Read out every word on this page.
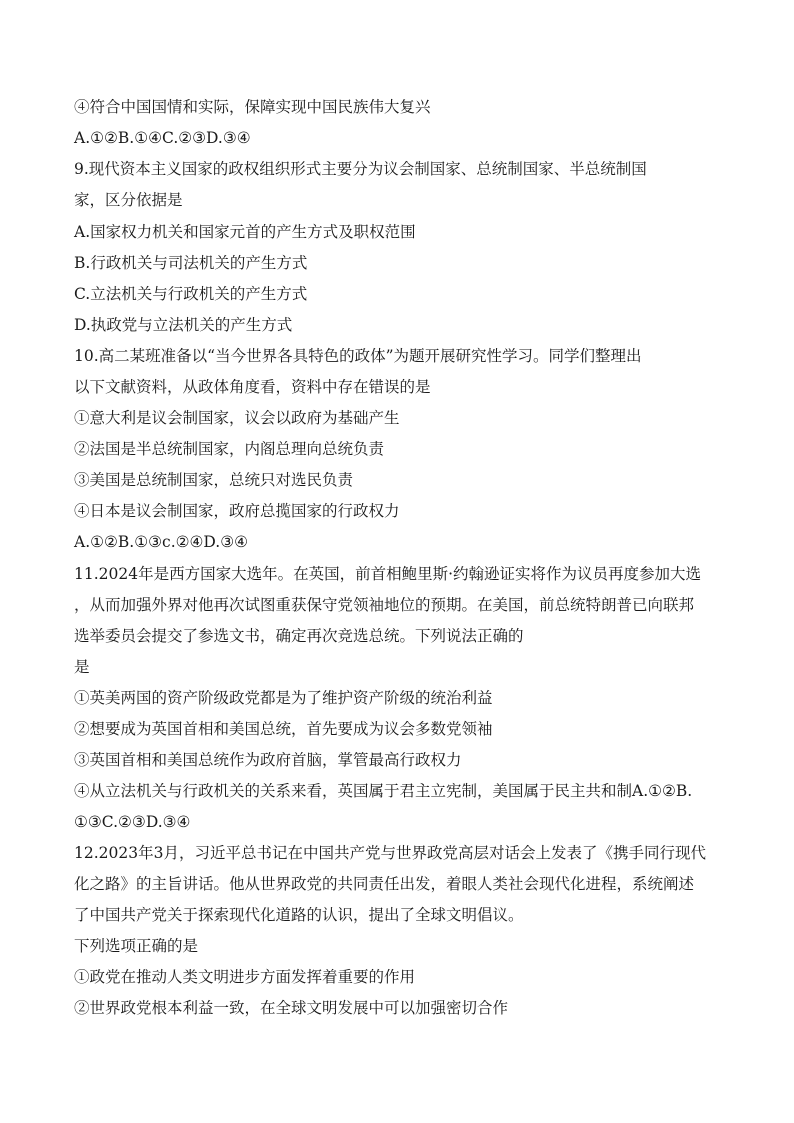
④符合中国国情和实际，保障实现中国民族伟大复兴
A.①②B.①④C.②③D.③④
9.现代资本主义国家的政权组织形式主要分为议会制国家、总统制国家、半总统制国
家，区分依据是
A.国家权力机关和国家元首的产生方式及职权范围
B.行政机关与司法机关的产生方式
C.立法机关与行政机关的产生方式
D.执政党与立法机关的产生方式
10.高二某班准备以“当今世界各具特色的政体”为题开展研究性学习。同学们整理出
以下文献资料，从政体角度看，资料中存在错误的是
①意大利是议会制国家，议会以政府为基础产生
②法国是半总统制国家，内阁总理向总统负责
③美国是总统制国家，总统只对选民负责
④日本是议会制国家，政府总揽国家的行政权力
A.①②B.①③c.②④D.③④
11.2024年是西方国家大选年。在英国，前首相鲍里斯·约翰逊证实将作为议员再度参加大选
，从而加强外界对他再次试图重获保守党领袖地位的预期。在美国，前总统特朗普已向联邦
选举委员会提交了参选文书，确定再次竞选总统。下列说法正确的
是
①英美两国的资产阶级政党都是为了维护资产阶级的统治利益
②想要成为英国首相和美国总统，首先要成为议会多数党领袖
③英国首相和美国总统作为政府首脑，掌管最高行政权力
④从立法机关与行政机关的关系来看，英国属于君主立宪制，美国属于民主共和制A.①②B.
①③C.②③D.③④
12.2023年3月，习近平总书记在中国共产党与世界政党高层对话会上发表了《携手同行现代
化之路》的主旨讲话。他从世界政党的共同责任出发，着眼人类社会现代化进程，系统阐述
了中国共产党关于探索现代化道路的认识，提出了全球文明倡议。
下列选项正确的是
①政党在推动人类文明进步方面发挥着重要的作用
②世界政党根本利益一致，在全球文明发展中可以加强密切合作
